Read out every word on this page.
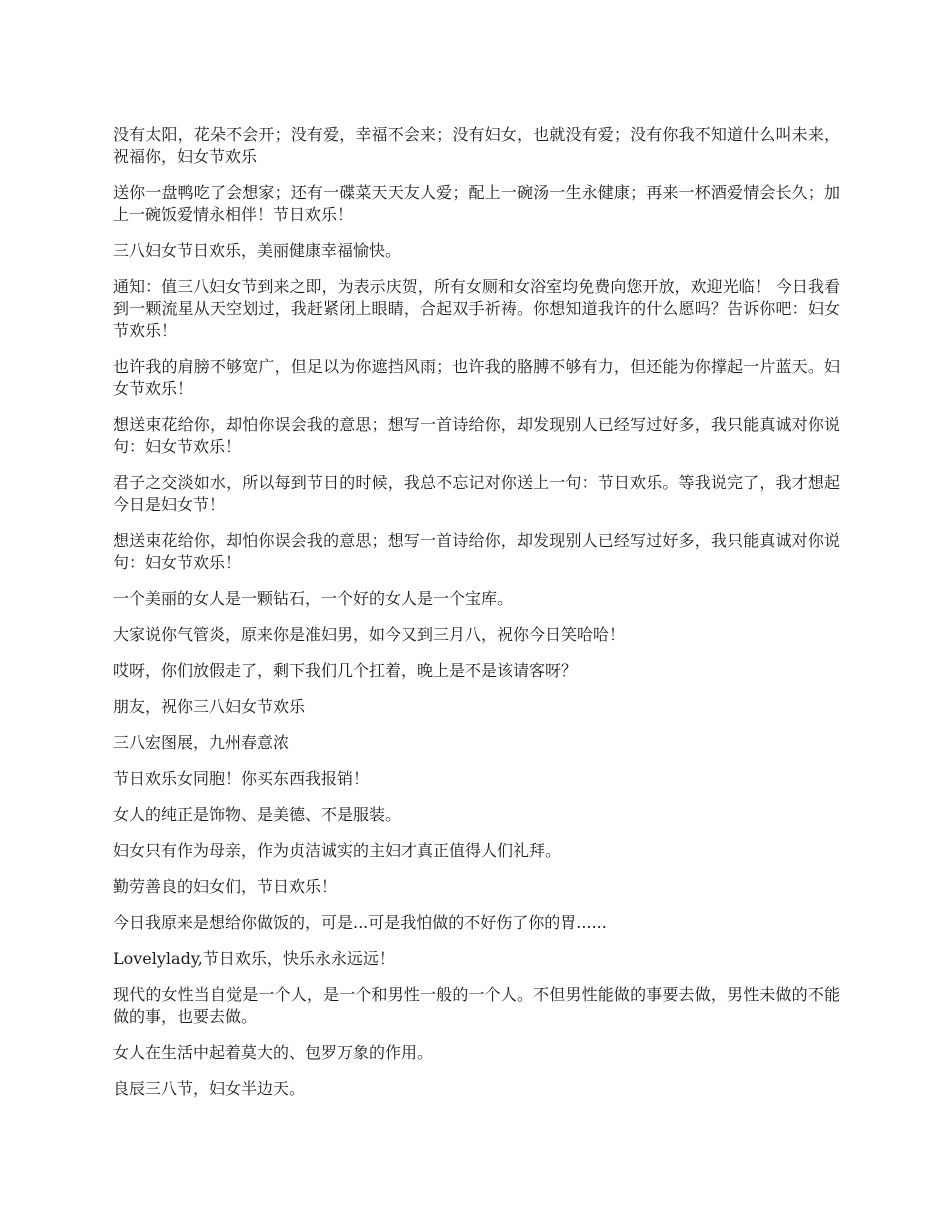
没有太阳，花朵不会开；没有爱，幸福不会来；没有妇女，也就没有爱；没有你我不知道什么叫未来，祝福你，妇女节欢乐

送你一盘鸭吃了会想家；还有一碟菜天天友人爱；配上一碗汤一生永健康；再来一杯酒爱情会长久；加上一碗饭爱情永相伴！节日欢乐！

三八妇女节日欢乐，美丽健康幸福愉快。

通知：值三八妇女节到来之即，为表示庆贺，所有女厕和女浴室均免费向您开放，欢迎光临！ 今日我看到一颗流星从天空划过，我赶紧闭上眼睛，合起双手祈祷。你想知道我许的什么愿吗？告诉你吧：妇女节欢乐！

也许我的肩膀不够宽广，但足以为你遮挡风雨；也许我的胳膊不够有力，但还能为你撑起一片蓝天。妇女节欢乐！

想送束花给你，却怕你误会我的意思；想写一首诗给你，却发现别人已经写过好多，我只能真诚对你说句：妇女节欢乐！

君子之交淡如水，所以每到节日的时候，我总不忘记对你送上一句：节日欢乐。等我说完了，我才想起今日是妇女节！

想送束花给你，却怕你误会我的意思；想写一首诗给你，却发现别人已经写过好多，我只能真诚对你说句：妇女节欢乐！

一个美丽的女人是一颗钻石，一个好的女人是一个宝库。

大家说你气管炎，原来你是准妇男，如今又到三月八，祝你今日笑哈哈！

哎呀，你们放假走了，剩下我们几个扛着，晚上是不是该请客呀？

朋友，祝你三八妇女节欢乐

三八宏图展，九州春意浓

节日欢乐女同胞！你买东西我报销！

女人的纯正是饰物、是美德、不是服装。

妇女只有作为母亲，作为贞洁诚实的主妇才真正值得人们礼拜。

勤劳善良的妇女们，节日欢乐！

今日我原来是想给你做饭的，可是...可是我怕做的不好伤了你的胃......

Lovelylady,节日欢乐，快乐永永远远！

现代的女性当自觉是一个人，是一个和男性一般的一个人。不但男性能做的事要去做，男性未做的不能做的事，也要去做。

女人在生活中起着莫大的、包罗万象的作用。

良辰三八节，妇女半边天。
